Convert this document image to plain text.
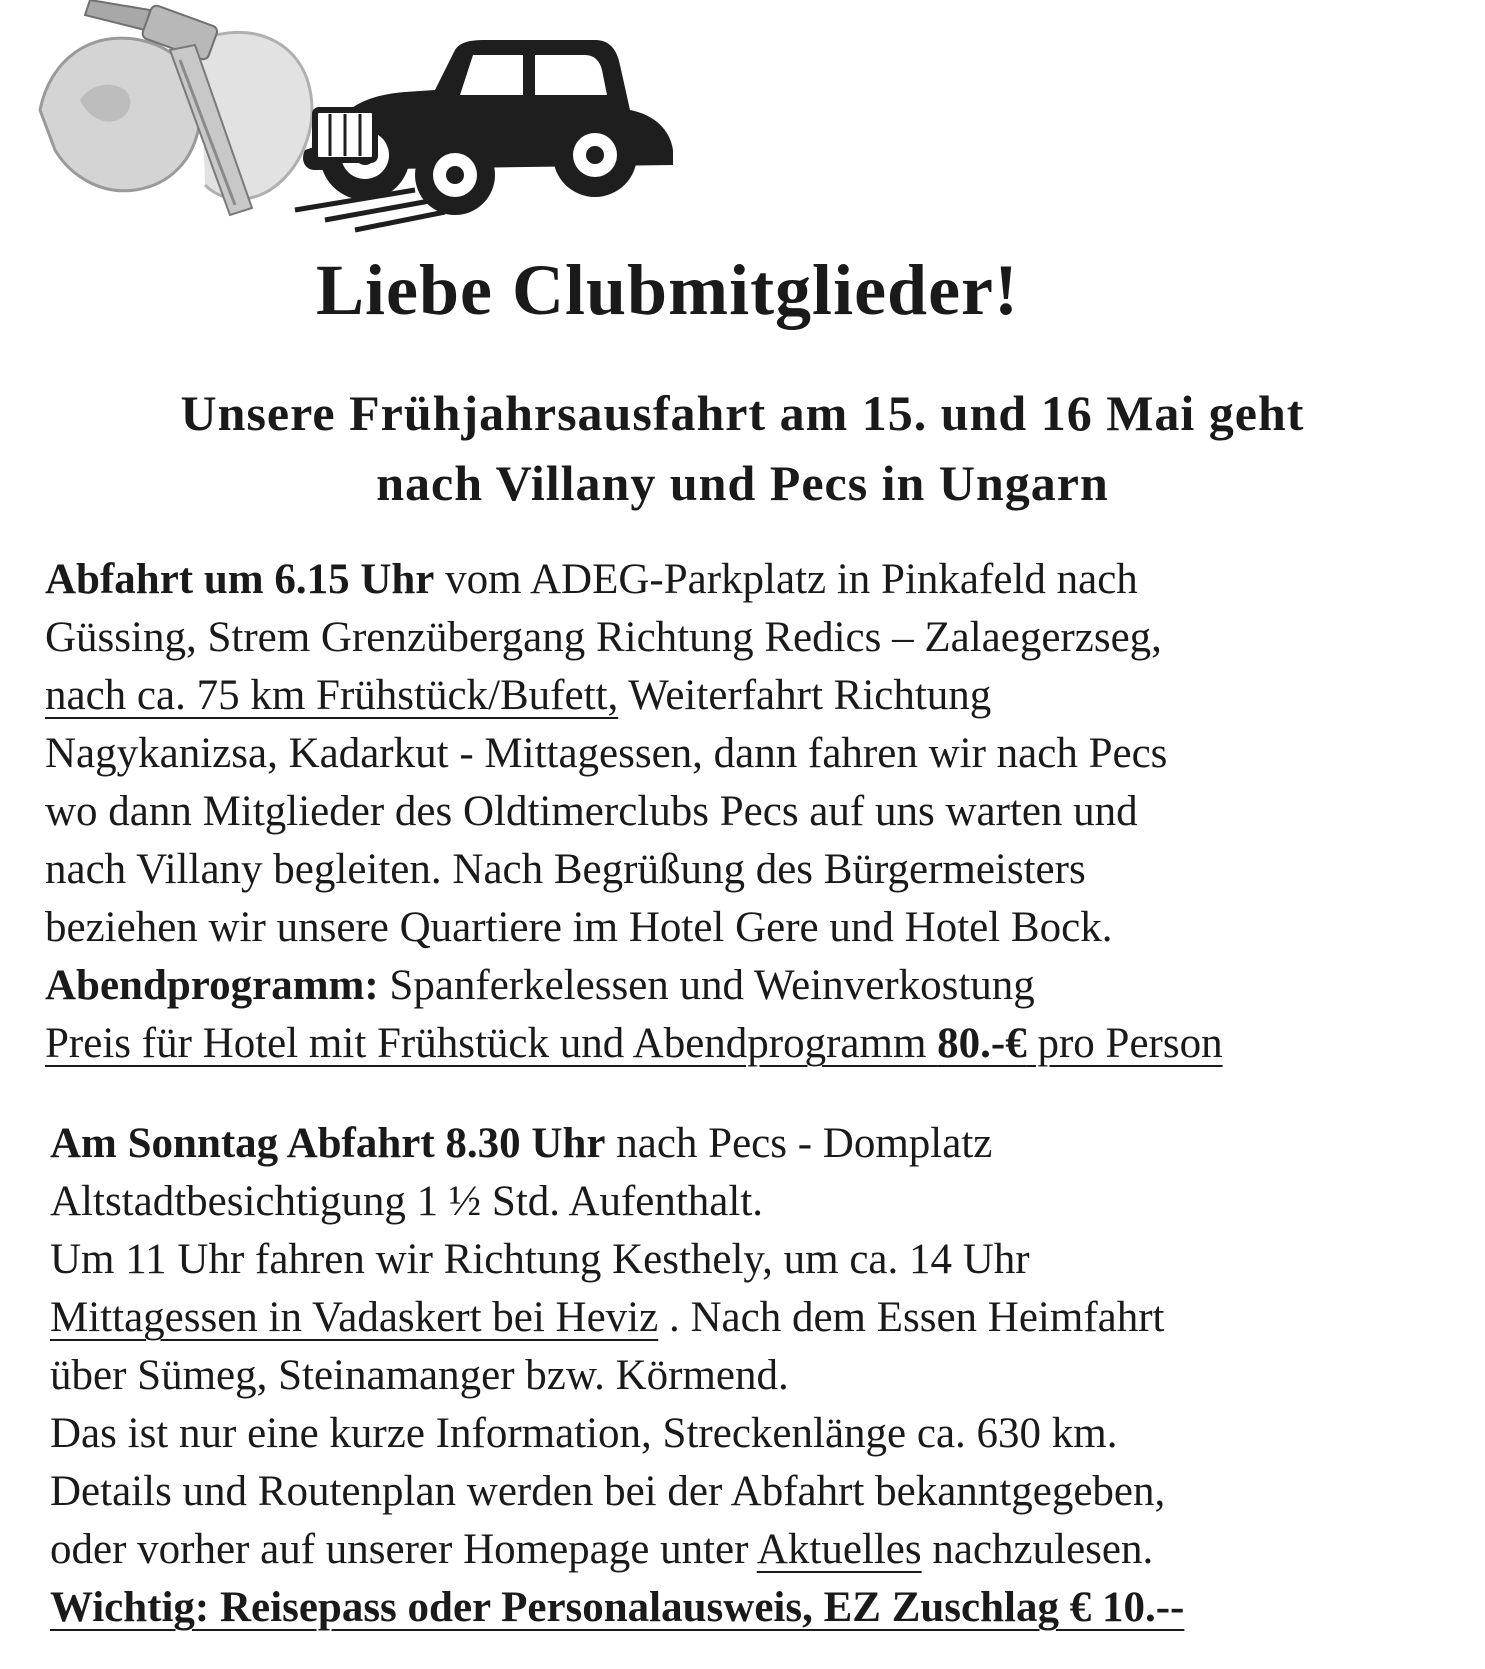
Liebe Clubmitglieder!
Unsere Frühjahrsausfahrt am 15. und 16 Mai geht
nach Villany und Pecs in Ungarn
Abfahrt um 6.15 Uhr vom ADEG-Parkplatz in Pinkafeld nach
Güssing, Strem Grenzübergang Richtung Redics – Zalaegerzseg,
nach ca. 75 km Frühstück/Bufett, Weiterfahrt Richtung
Nagykanizsa, Kadarkut - Mittagessen, dann fahren wir nach Pecs
wo dann Mitglieder des Oldtimerclubs Pecs auf uns warten und
nach Villany begleiten. Nach Begrüßung des Bürgermeisters
beziehen wir unsere Quartiere im Hotel Gere und Hotel Bock.
Abendprogramm: Spanferkelessen und Weinverkostung
Preis für Hotel mit Frühstück und Abendprogramm 80.-€ pro Person
Am Sonntag Abfahrt 8.30 Uhr nach Pecs - Domplatz
Altstadtbesichtigung 1 ½ Std. Aufenthalt.
Um 11 Uhr fahren wir Richtung Kesthely, um ca. 14 Uhr
Mittagessen in Vadaskert bei Heviz . Nach dem Essen Heimfahrt
über Sümeg, Steinamanger bzw. Körmend.
Das ist nur eine kurze Information, Streckenlänge ca. 630 km.
Details und Routenplan werden bei der Abfahrt bekanntgegeben,
oder vorher auf unserer Homepage unter Aktuelles nachzulesen.
Wichtig: Reisepass oder Personalausweis, EZ Zuschlag € 10.--
